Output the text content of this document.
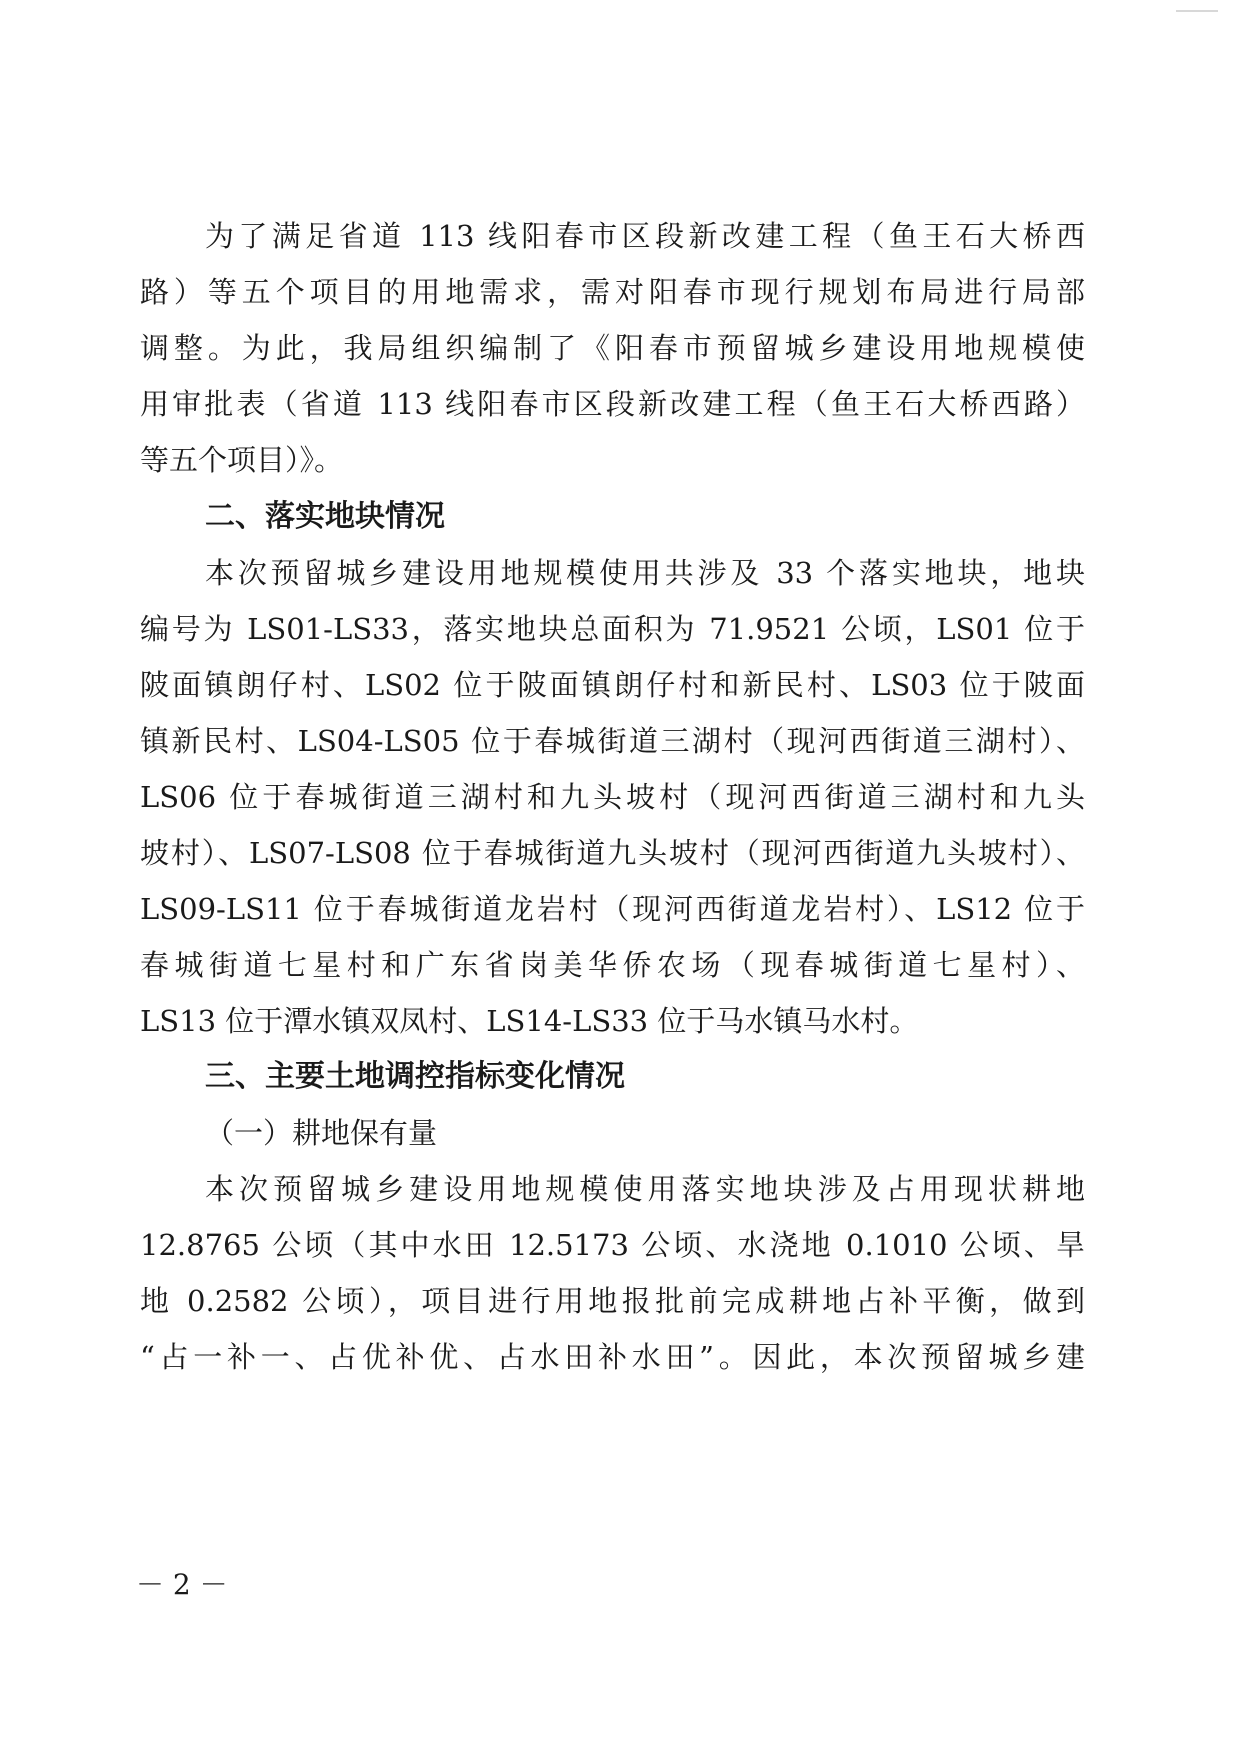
为了满足省道 113 线阳春市区段新改建工程（鱼王石大桥西
路）等五个项目的用地需求，需对阳春市现行规划布局进行局部
调整。为此，我局组织编制了《阳春市预留城乡建设用地规模使
用审批表（省道 113 线阳春市区段新改建工程（鱼王石大桥西路）
等五个项目）》。
二、落实地块情况
本次预留城乡建设用地规模使用共涉及 33 个落实地块，地块
编号为 LS01-LS33，落实地块总面积为 71.9521 公顷，LS01 位于
陂面镇朗仔村、LS02 位于陂面镇朗仔村和新民村、LS03 位于陂面
镇新民村、LS04-LS05 位于春城街道三湖村（现河西街道三湖村）、
LS06 位于春城街道三湖村和九头坡村（现河西街道三湖村和九头
坡村）、LS07-LS08 位于春城街道九头坡村（现河西街道九头坡村）、
LS09-LS11 位于春城街道龙岩村（现河西街道龙岩村）、LS12 位于
春城街道七星村和广东省岗美华侨农场（现春城街道七星村）、
LS13 位于潭水镇双凤村、LS14-LS33 位于马水镇马水村。
三、主要土地调控指标变化情况
（一）耕地保有量
本次预留城乡建设用地规模使用落实地块涉及占用现状耕地
12.8765 公顷（其中水田 12.5173 公顷、水浇地 0.1010 公顷、旱
地 0.2582 公顷），项目进行用地报批前完成耕地占补平衡，做到
“占一补一、占优补优、占水田补水田”。因此，本次预留城乡建
－ 2 －
